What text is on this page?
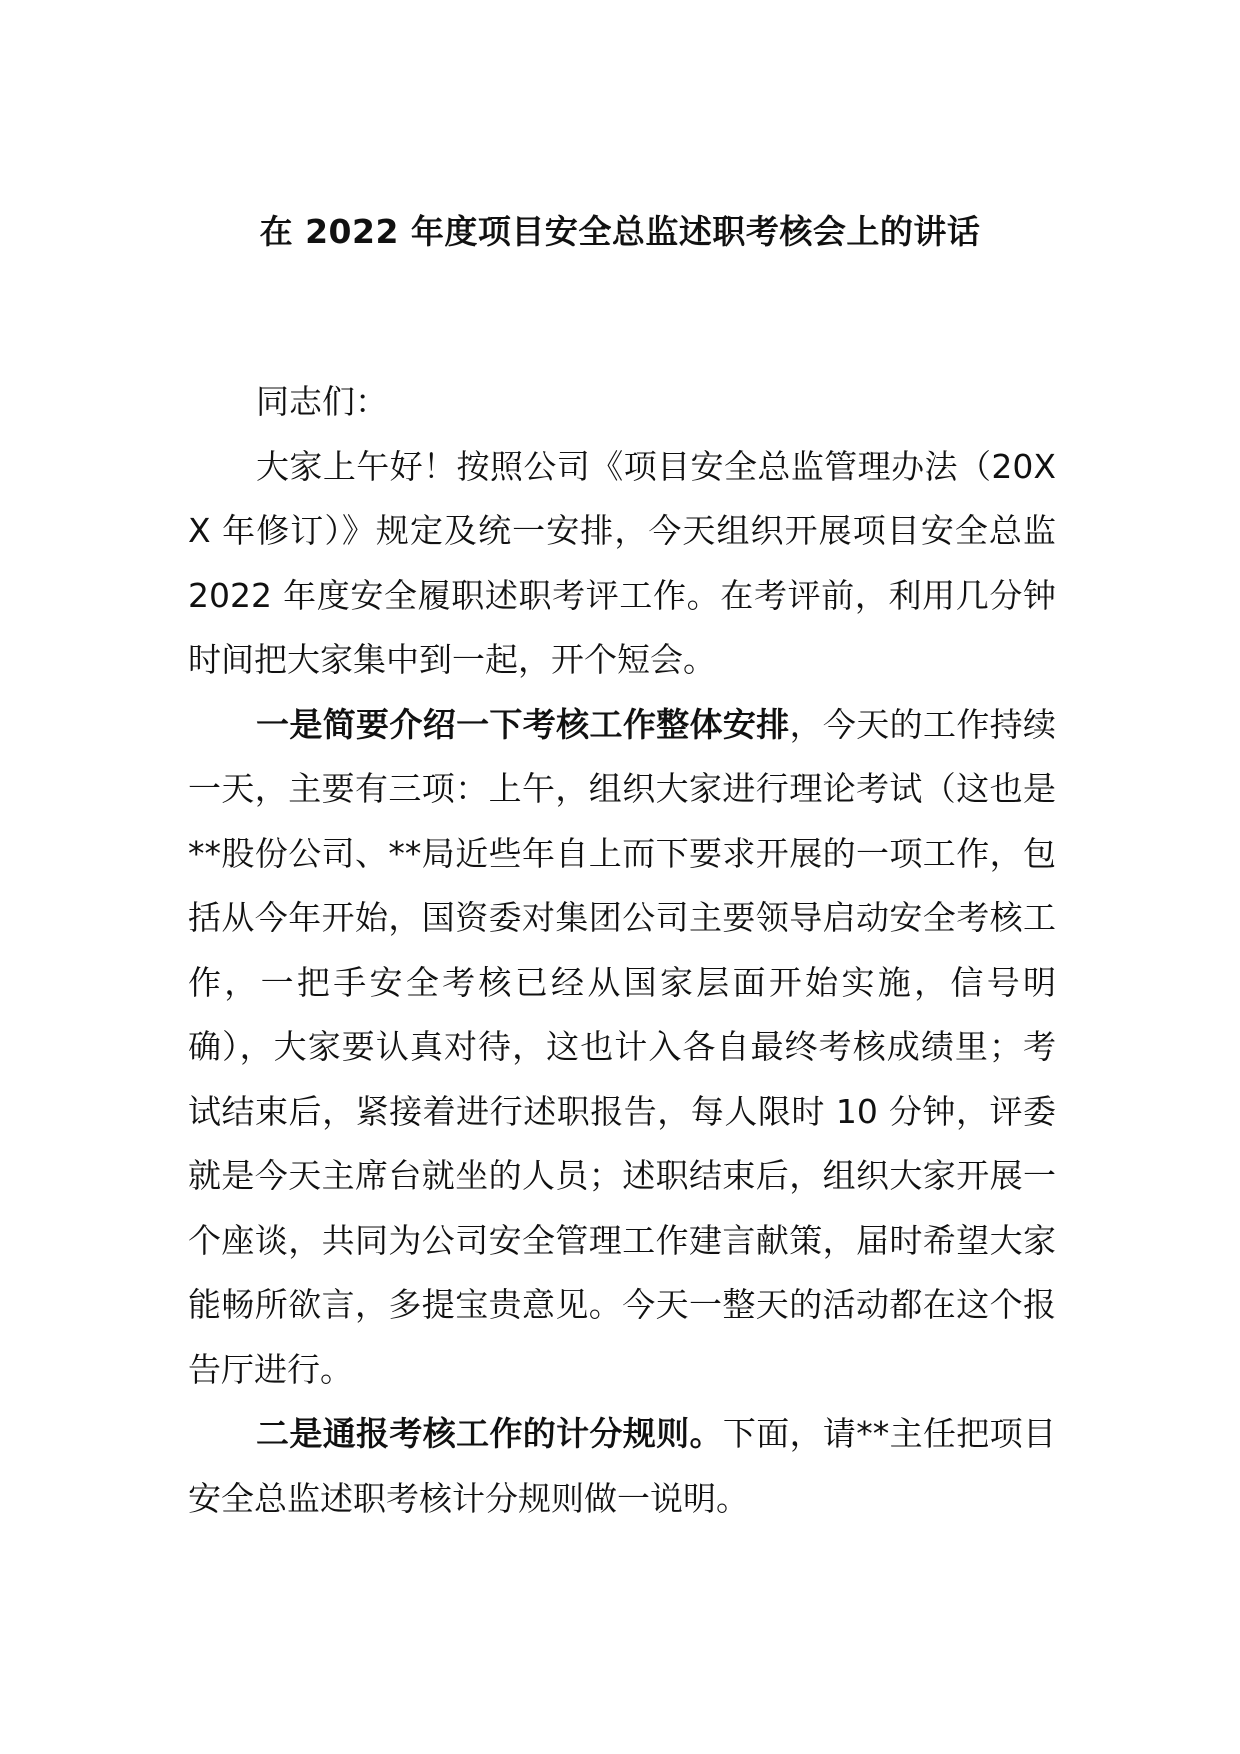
在 2022 年度项目安全总监述职考核会上的讲话

同志们：

大家上午好！按照公司《项目安全总监管理办法（20XX 年修订）》规定及统一安排，今天组织开展项目安全总监 2022 年度安全履职述职考评工作。在考评前，利用几分钟时间把大家集中到一起，开个短会。

一是简要介绍一下考核工作整体安排，今天的工作持续一天，主要有三项：上午，组织大家进行理论考试（这也是**股份公司、**局近些年自上而下要求开展的一项工作，包括从今年开始，国资委对集团公司主要领导启动安全考核工作，一把手安全考核已经从国家层面开始实施，信号明确），大家要认真对待，这也计入各自最终考核成绩里；考试结束后，紧接着进行述职报告，每人限时 10 分钟，评委就是今天主席台就坐的人员；述职结束后，组织大家开展一个座谈，共同为公司安全管理工作建言献策，届时希望大家能畅所欲言，多提宝贵意见。今天一整天的活动都在这个报告厅进行。

二是通报考核工作的计分规则。下面，请**主任把项目安全总监述职考核计分规则做一说明。
